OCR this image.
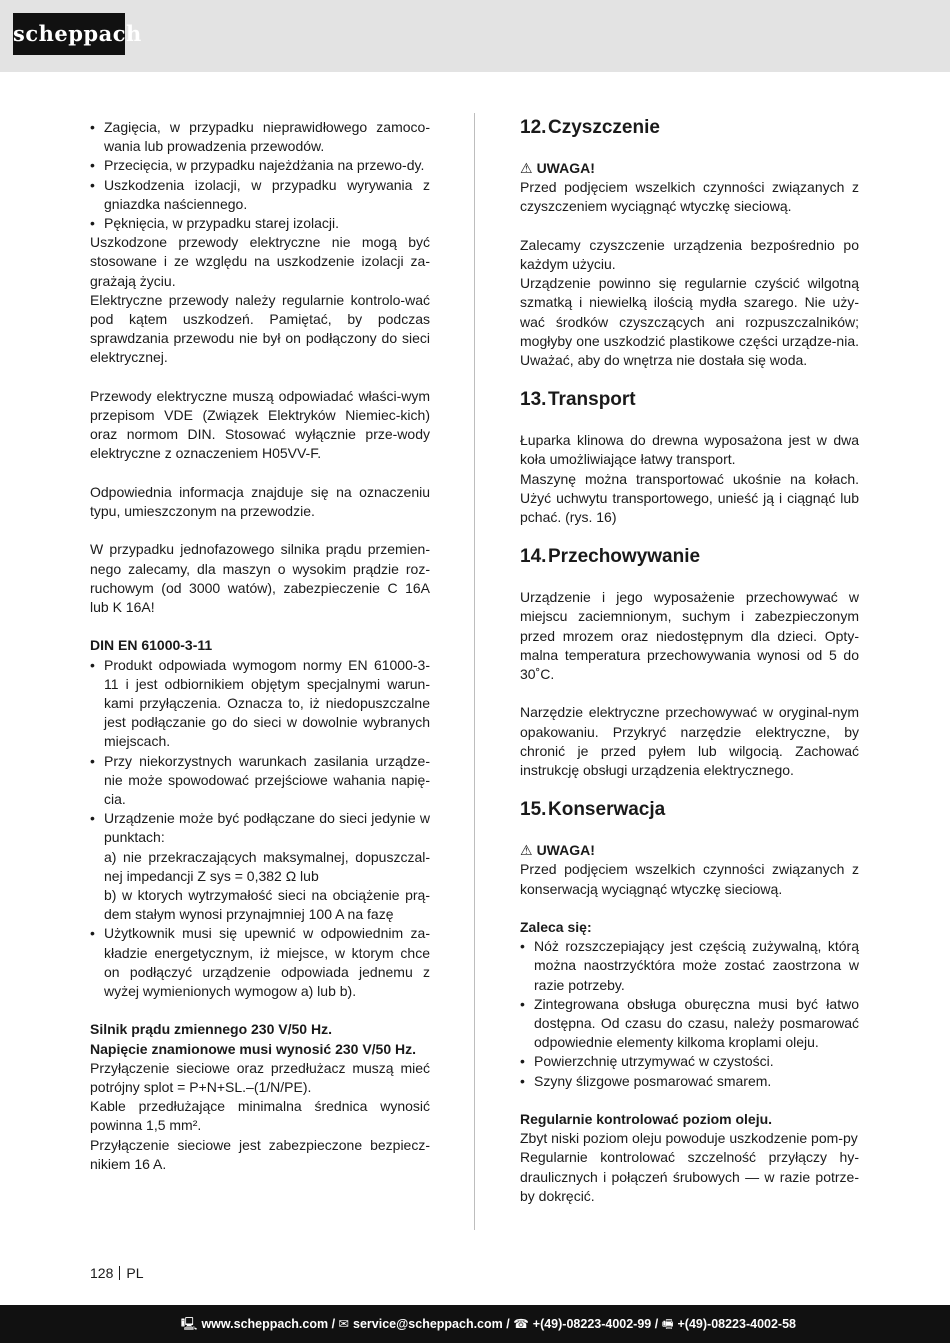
scheppach

• Zagięcia, w przypadku nieprawidłowego zamoco-wania lub prowadzenia przewodów.

• Przecięcia, w przypadku najeżdżania na przewo-dy.

• Uszkodzenia izolacji, w przypadku wyrywania z gniazdka naściennego.

• Pęknięcia, w przypadku starej izolacji.

Uszkodzone przewody elektryczne nie mogą być stosowane i ze względu na uszkodzenie izolacji za-grażają życiu.

Elektryczne przewody należy regularnie kontrolo-wać pod kątem uszkodzeń. Pamiętać, by podczas sprawdzania przewodu nie był on podłączony do sieci elektrycznej.

Przewody elektryczne muszą odpowiadać właści-wym przepisom VDE (Związek Elektryków Niemiec-kich) oraz normom DIN. Stosować wyłącznie prze-wody elektryczne z oznaczeniem H05VV-F.

Odpowiednia informacja znajduje się na oznaczeniu typu, umieszczonym na przewodzie.

W przypadku jednofazowego silnika prądu przemien-nego zalecamy, dla maszyn o wysokim prądzie roz-ruchowym (od 3000 watów), zabezpieczenie C 16A lub K 16A!

DIN EN 61000-3-11

• Produkt odpowiada wymogom normy EN 61000-3-11 i jest odbiornikiem objętym specjalnymi warun-kami przyłączenia. Oznacza to, iż niedopuszczalne jest podłączanie go do sieci w dowolnie wybranych miejscach.

• Przy niekorzystnych warunkach zasilania urządze-nie może spowodować przejściowe wahania napię-cia.

• Urządzenie może być podłączane do sieci jedynie w punktach:
a) nie przekraczających maksymalnej, dopuszczal-nej impedancji Z sys = 0,382 Ω lub
b) w ktorych wytrzymałość sieci na obciążenie prą-dem stałym wynosi przynajmniej 100 A na fazę

• Użytkownik musi się upewnić w odpowiednim za-kładzie energetycznym, iż miejsce, w ktorym chce on podłączyć urządzenie odpowiada jednemu z wyżej wymienionych wymogow a) lub b).

Silnik prądu zmiennego 230 V/50 Hz.

Napięcie znamionowe musi wynosić 230 V/50 Hz.

Przyłączenie sieciowe oraz przedłużacz muszą mieć potrójny splot = P+N+SL.–(1/N/PE).

Kable przedłużające minimalna średnica wynosić powinna 1,5 mm².

Przyłączenie sieciowe jest zabezpieczone bezpiecz-nikiem 16 A.

12.Czyszczenie

⚠ UWAGA!

Przed podjęciem wszelkich czynności związanych z czyszczeniem wyciągnąć wtyczkę sieciową.

Zalecamy czyszczenie urządzenia bezpośrednio po każdym użyciu.

Urządzenie powinno się regularnie czyścić wilgotną szmatką i niewielką ilością mydła szarego. Nie uży-wać środków czyszczących ani rozpuszczalników; mogłyby one uszkodzić plastikowe części urządze-nia. Uważać, aby do wnętrza nie dostała się woda.

13.Transport

Łuparka klinowa do drewna wyposażona jest w dwa koła umożliwiające łatwy transport.

Maszynę można transportować ukośnie na kołach. Użyć uchwytu transportowego, unieść ją i ciągnąć lub pchać. (rys. 16)

14.Przechowywanie

Urządzenie i jego wyposażenie przechowywać w miejscu zaciemnionym, suchym i zabezpieczonym przed mrozem oraz niedostępnym dla dzieci. Opty-malna temperatura przechowywania wynosi od 5 do 30˚C.

Narzędzie elektryczne przechowywać w oryginal-nym opakowaniu. Przykryć narzędzie elektryczne, by chronić je przed pyłem lub wilgocią. Zachować instrukcję obsługi urządzenia elektrycznego.

15.Konserwacja

⚠ UWAGA!

Przed podjęciem wszelkich czynności związanych z konserwacją wyciągnąć wtyczkę sieciową.

Zaleca się:

• Nóż rozszczepiający jest częścią zużywalną, którą można naostrzyćktóra może zostać zaostrzona w razie potrzeby.

• Zintegrowana obsługa oburęczna musi być łatwo dostępna. Od czasu do czasu, należy posmarować odpowiednie elementy kilkoma kroplami oleju.

• Powierzchnię utrzymywać w czystości.

• Szyny ślizgowe posmarować smarem.

Regularnie kontrolować poziom oleju.

Zbyt niski poziom oleju powoduje uszkodzenie pom-py

Regularnie kontrolować szczelność przyłączy hy-draulicznych i połączeń śrubowych — w razie potrze-by dokręcić.

128 PL
🖳 www.scheppach.com / ✉ service@scheppach.com / ☎ +(49)-08223-4002-99 / 🖷 +(49)-08223-4002-58
